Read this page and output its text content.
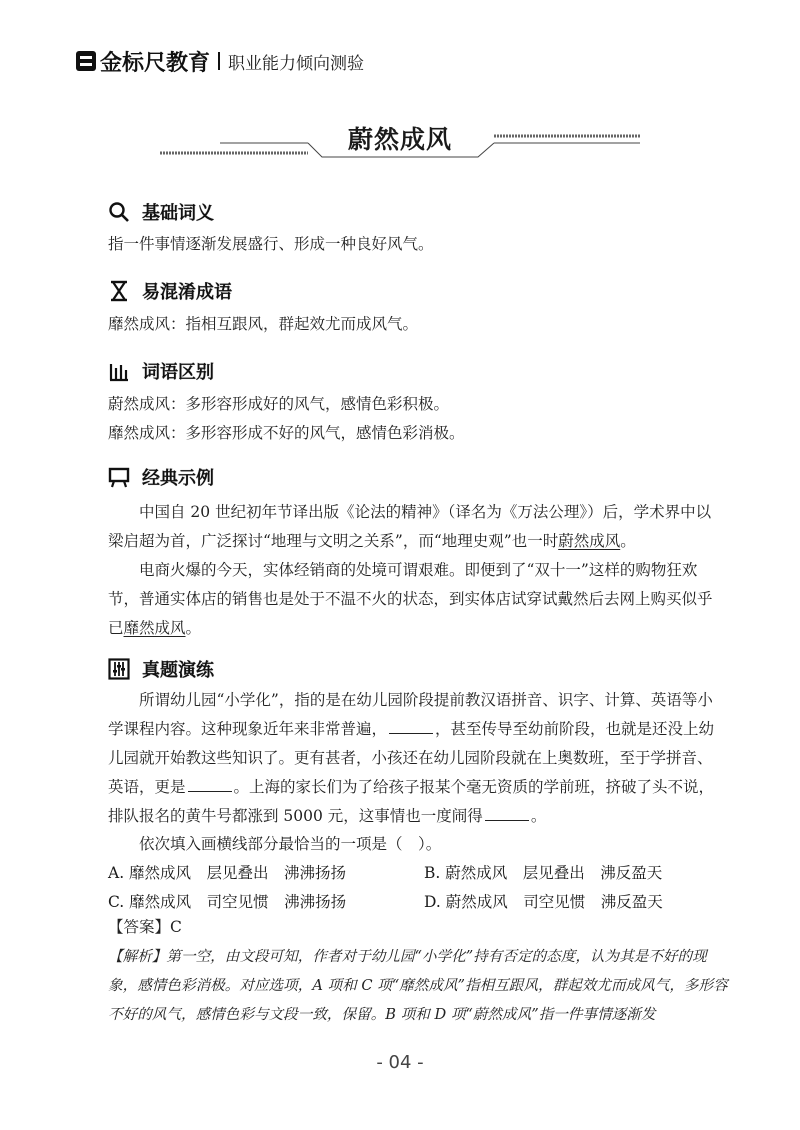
金标尺教育 职业能力倾向测验
蔚然成风
基础词义
指一件事情逐渐发展盛行、形成一种良好风气。
易混淆成语
靡然成风：指相互跟风，群起效尤而成风气。
词语区别
蔚然成风：多形容形成好的风气，感情色彩积极。
靡然成风：多形容形成不好的风气，感情色彩消极。
经典示例
中国自 20 世纪初年节译出版《论法的精神》（译名为《万法公理》）后，学术界中以梁启超为首，广泛探讨“地理与文明之关系”，而“地理史观”也一时蔚然成风。
电商火爆的今天，实体经销商的处境可谓艰难。即便到了“双十一”这样的购物狂欢节，普通实体店的销售也是处于不温不火的状态，到实体店试穿试戴然后去网上购买似乎已靡然成风。
真题演练
所谓幼儿园“小学化”，指的是在幼儿园阶段提前教汉语拼音、识字、计算、英语等小学课程内容。这种现象近年来非常普遍，	，甚至传导至幼前阶段，也就是还没上幼儿园就开始教这些知识了。更有甚者，小孩还在幼儿园阶段就在上奥数班，至于学拼音、英语，更是	。上海的家长们为了给孩子报某个毫无资质的学前班，挤破了头不说，排队报名的黄牛号都涨到 5000 元，这事情也一度闹得	。
依次填入画横线部分最恰当的一项是（　）。
A. 靡然成风　层见叠出　沸沸扬扬	B. 蔚然成风　层见叠出　沸反盈天
C. 靡然成风　司空见惯　沸沸扬扬	D. 蔚然成风　司空见惯　沸反盈天
【答案】C
【解析】第一空，由文段可知，作者对于幼儿园“小学化”持有否定的态度，认为其是不好的现象，感情色彩消极。对应选项，A 项和 C 项“靡然成风”指相互跟风，群起效尤而成风气，多形容不好的风气，感情色彩与文段一致，保留。B 项和 D 项“蔚然成风”指一件事情逐渐发
- 04 -
